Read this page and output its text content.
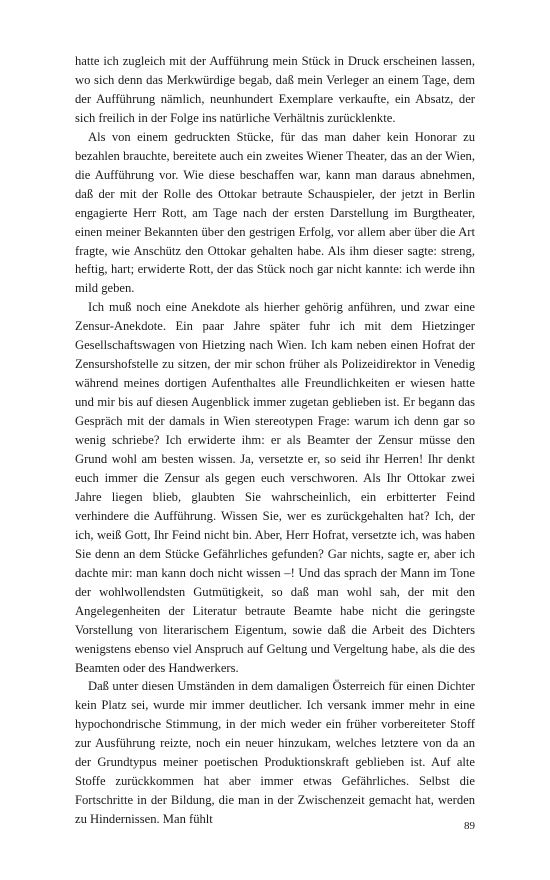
hatte ich zugleich mit der Aufführung mein Stück in Druck erscheinen lassen, wo sich denn das Merkwürdige begab, daß mein Verleger an einem Tage, dem der Aufführung nämlich, neunhundert Exemplare verkaufte, ein Absatz, der sich freilich in der Folge ins natürliche Verhältnis zurücklenkte.

Als von einem gedruckten Stücke, für das man daher kein Honorar zu bezahlen brauchte, bereitete auch ein zweites Wiener Theater, das an der Wien, die Aufführung vor. Wie diese beschaffen war, kann man daraus abnehmen, daß der mit der Rolle des Ottokar betraute Schauspieler, der jetzt in Berlin engagierte Herr Rott, am Tage nach der ersten Darstellung im Burgtheater, einen meiner Bekannten über den gestrigen Erfolg, vor allem aber über die Art fragte, wie Anschütz den Ottokar gehalten habe. Als ihm dieser sagte: streng, heftig, hart; erwiderte Rott, der das Stück noch gar nicht kannte: ich werde ihn mild geben.

Ich muß noch eine Anekdote als hierher gehörig anführen, und zwar eine Zensur-Anekdote. Ein paar Jahre später fuhr ich mit dem Hietzinger Gesellschaftswagen von Hietzing nach Wien. Ich kam neben einen Hofrat der Zensurshofstelle zu sitzen, der mir schon früher als Polizeidirektor in Venedig während meines dortigen Aufenthaltes alle Freundlichkeiten er wiesen hatte und mir bis auf diesen Augenblick immer zugetan geblieben ist. Er begann das Gespräch mit der damals in Wien stereotypen Frage: warum ich denn gar so wenig schriebe? Ich erwiderte ihm: er als Beamter der Zensur müsse den Grund wohl am besten wissen. Ja, versetzte er, so seid ihr Herren! Ihr denkt euch immer die Zensur als gegen euch verschworen. Als Ihr Ottokar zwei Jahre liegen blieb, glaubten Sie wahrscheinlich, ein erbitterter Feind verhindere die Aufführung. Wissen Sie, wer es zurückgehalten hat? Ich, der ich, weiß Gott, Ihr Feind nicht bin. Aber, Herr Hofrat, versetzte ich, was haben Sie denn an dem Stücke Gefährliches gefunden? Gar nichts, sagte er, aber ich dachte mir: man kann doch nicht wissen –! Und das sprach der Mann im Tone der wohlwollendsten Gutmütigkeit, so daß man wohl sah, der mit den Angelegenheiten der Literatur betraute Beamte habe nicht die geringste Vorstellung von literarischem Eigentum, sowie daß die Arbeit des Dichters wenigstens ebenso viel Anspruch auf Geltung und Vergeltung habe, als die des Beamten oder des Handwerkers.

Daß unter diesen Umständen in dem damaligen Österreich für einen Dichter kein Platz sei, wurde mir immer deutlicher. Ich versank immer mehr in eine hypochondrische Stimmung, in der mich weder ein früher vorbereiteter Stoff zur Ausführung reizte, noch ein neuer hinzukam, welches letztere von da an der Grundtypus meiner poetischen Produktionskraft geblieben ist. Auf alte Stoffe zurückkommen hat aber immer etwas Gefährliches. Selbst die Fortschritte in der Bildung, die man in der Zwischenzeit gemacht hat, werden zu Hindernissen. Man fühlt	89
